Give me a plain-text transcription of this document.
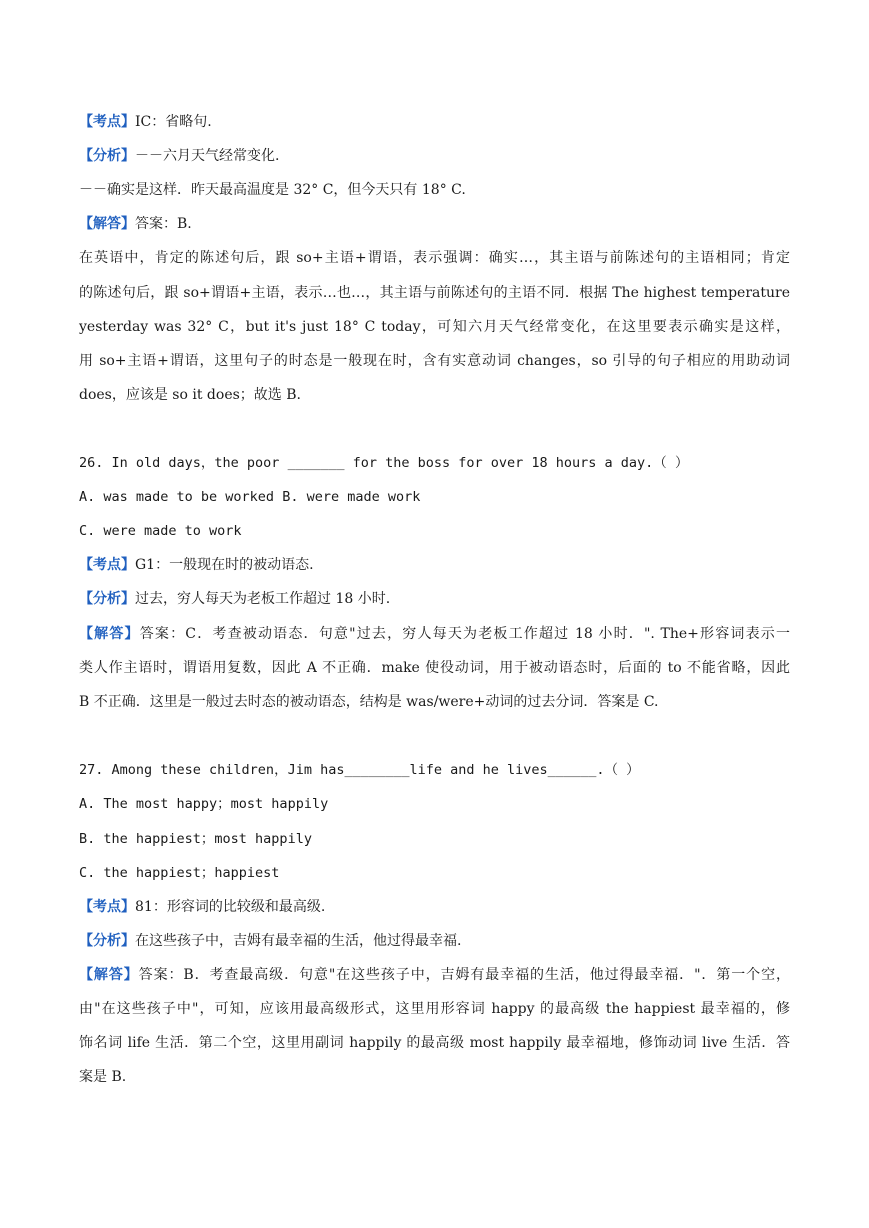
【考点】IC：省略句.
【分析】－－六月天气经常变化.
－－确实是这样．昨天最高温度是 32° C，但今天只有 18° C.
【解答】答案：B.
在英语中，肯定的陈述句后，跟 so+主语+谓语，表示强调：确实…，其主语与前陈述句的主语相同；肯定
的陈述句后，跟 so+谓语+主语，表示…也…，其主语与前陈述句的主语不同．根据 The highest temperature
yesterday was 32° C，but it's just 18° C today，可知六月天气经常变化，在这里要表示确实是这样，
用 so+主语+谓语，这里句子的时态是一般现在时，含有实意动词 changes，so 引导的句子相应的用助动词
does，应该是 so it does；故选 B.
26. In old days，the poor _______ for the boss for over 18 hours a day.（ ）
A. was made to be worked B. were made work
C. were made to work
【考点】G1：一般现在时的被动语态.
【分析】过去，穷人每天为老板工作超过 18 小时.
【解答】答案：C．考查被动语态．句意"过去，穷人每天为老板工作超过 18 小时．". The+形容词表示一
类人作主语时，谓语用复数，因此 A 不正确．make 使役动词，用于被动语态时，后面的 to 不能省略，因此
B 不正确．这里是一般过去时态的被动语态，结构是 was/were+动词的过去分词．答案是 C.
27. Among these children，Jim has________life and he lives______.（ ）
A. The most happy；most happily
B. the happiest；most happily
C. the happiest；happiest
【考点】81：形容词的比较级和最高级.
【分析】在这些孩子中，吉姆有最幸福的生活，他过得最幸福.
【解答】答案：B．考查最高级．句意"在这些孩子中，吉姆有最幸福的生活，他过得最幸福．"．第一个空，
由"在这些孩子中"，可知，应该用最高级形式，这里用形容词 happy 的最高级 the happiest 最幸福的，修
饰名词 life 生活．第二个空，这里用副词 happily 的最高级 most happily 最幸福地，修饰动词 live 生活．答
案是 B.
